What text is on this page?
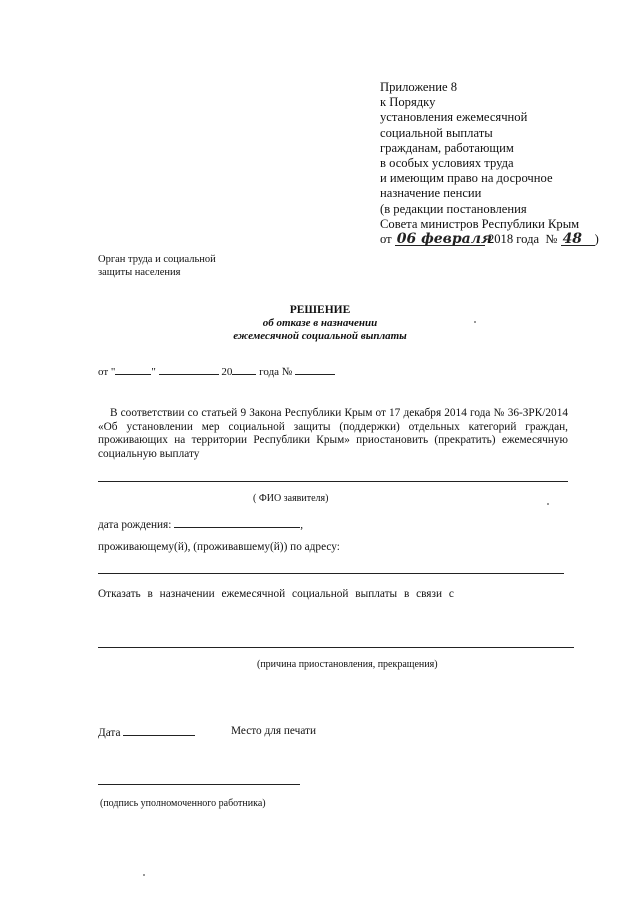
Приложение 8
к Порядку
установления ежемесячной
социальной выплаты
гражданам, работающим
в особых условиях труда
и имеющим право на досрочное
назначение пенсии
(в редакции постановления
Совета министров Республики Крым
от 06 февраля 2018 года № 48 )
Орган труда и социальной
защиты населения
РЕШЕНИЕ
об отказе в назначении
ежемесячной социальной выплаты
от "	"	20 года №
В соответствии со статьей 9 Закона Республики Крым от 17 декабря 2014 года № 36-ЗРК/2014 «Об установлении мер социальной защиты (поддержки) отдельных категорий граждан, проживающих на территории Республики Крым» приостановить (прекратить) ежемесячную социальную выплату
( ФИО заявителя)
дата рождения:	,
проживающему(й), (проживавшему(й)) по адресу:
Отказать в назначении ежемесячной социальной выплаты в связи с
(причина приостановления, прекращения)
Дата	Место для печати
(подпись уполномоченного работника)
